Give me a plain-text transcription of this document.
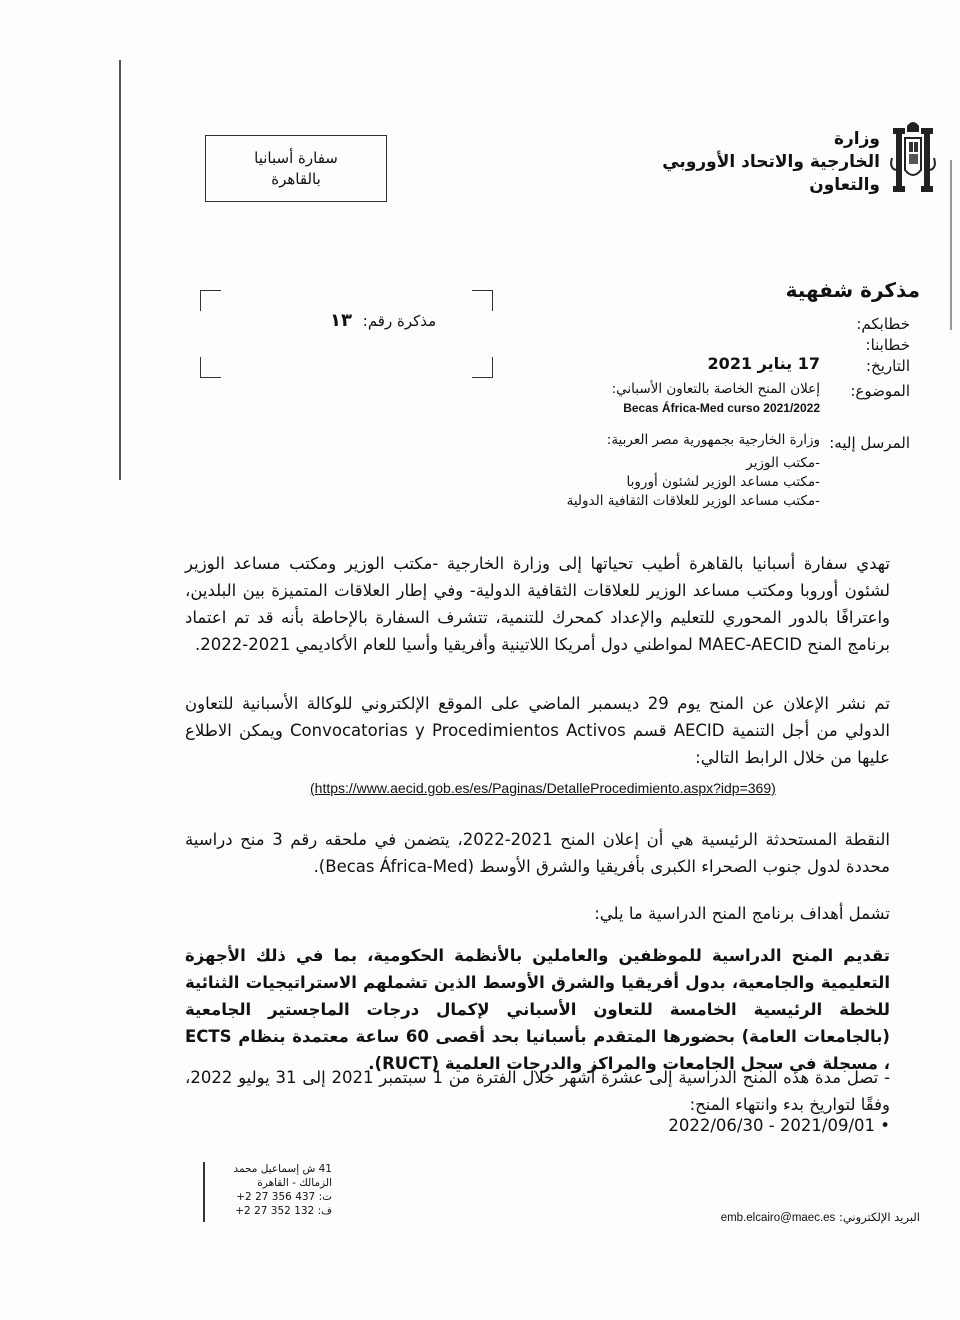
وزارة
الخارجية والاتحاد الأوروبي
والتعاون
سفارة أسبانيا
بالقاهرة
مذكرة شفهية
مذكرة رقم: ١٣	خطابكم:
خطابنا:
التاريخ:
17 يناير 2021
الموضوع:
إعلان المنح الخاصة بالتعاون الأسباني:
Becas África-Med curso 2021/2022
المرسل إليه:
وزارة الخارجية بجمهورية مصر العربية:
-مكتب الوزير
-مكتب مساعد الوزير لشئون أوروبا
-مكتب مساعد الوزير للعلاقات الثقافية الدولية
تهدي سفارة أسبانيا بالقاهرة أطيب تحياتها إلى وزارة الخارجية -مكتب الوزير ومكتب مساعد الوزير لشئون أوروبا ومكتب مساعد الوزير للعلاقات الثقافية الدولية- وفي إطار العلاقات المتميزة بين البلدين، واعترافًا بالدور المحوري للتعليم والإعداد كمحرك للتنمية، تتشرف السفارة بالإحاطة بأنه قد تم اعتماد برنامج المنح MAEC-AECID لمواطني دول أمريكا اللاتينية وأفريقيا وأسيا للعام الأكاديمي 2021-2022.
تم نشر الإعلان عن المنح يوم 29 ديسمبر الماضي على الموقع الإلكتروني للوكالة الأسبانية للتعاون الدولي من أجل التنمية AECID قسم Convocatorias y Procedimientos Activos ويمكن الاطلاع عليها من خلال الرابط التالي:
(https://www.aecid.gob.es/es/Paginas/DetalleProcedimiento.aspx?idp=369)
النقطة المستحدثة الرئيسية هي أن إعلان المنح 2021-2022، يتضمن في ملحقه رقم 3 منح دراسية محددة لدول جنوب الصحراء الكبرى بأفريقيا والشرق الأوسط (Becas África-Med).
تشمل أهداف برنامج المنح الدراسية ما يلي:
تقديم المنح الدراسية للموظفين والعاملين بالأنظمة الحكومية، بما في ذلك الأجهزة التعليمية والجامعية، بدول أفريقيا والشرق الأوسط الذين تشملهم الاستراتيجيات الثنائية للخطة الرئيسية الخامسة للتعاون الأسباني لإكمال درجات الماجستير الجامعية (بالجامعات العامة) بحضورها المتقدم بأسبانيا بحد أقصى 60 ساعة معتمدة بنظام ECTS ، مسجلة في سجل الجامعات والمراكز والدرجات العلمية (RUCT).
- تصل مدة هذه المنح الدراسية إلى عشرة أشهر خلال الفترة من 1 سبتمبر 2021 إلى 31 يوليو 2022، وفقًا لتواريخ بدء وانتهاء المنح:
• 2021/09/01 - 2022/06/30
41 ش إسماعيل محمد
الزمالك - القاهرة
ت: 437 356 27 2+
ف: 132 352 27 2+	البريد الإلكتروني: emb.elcairo@maec.es
